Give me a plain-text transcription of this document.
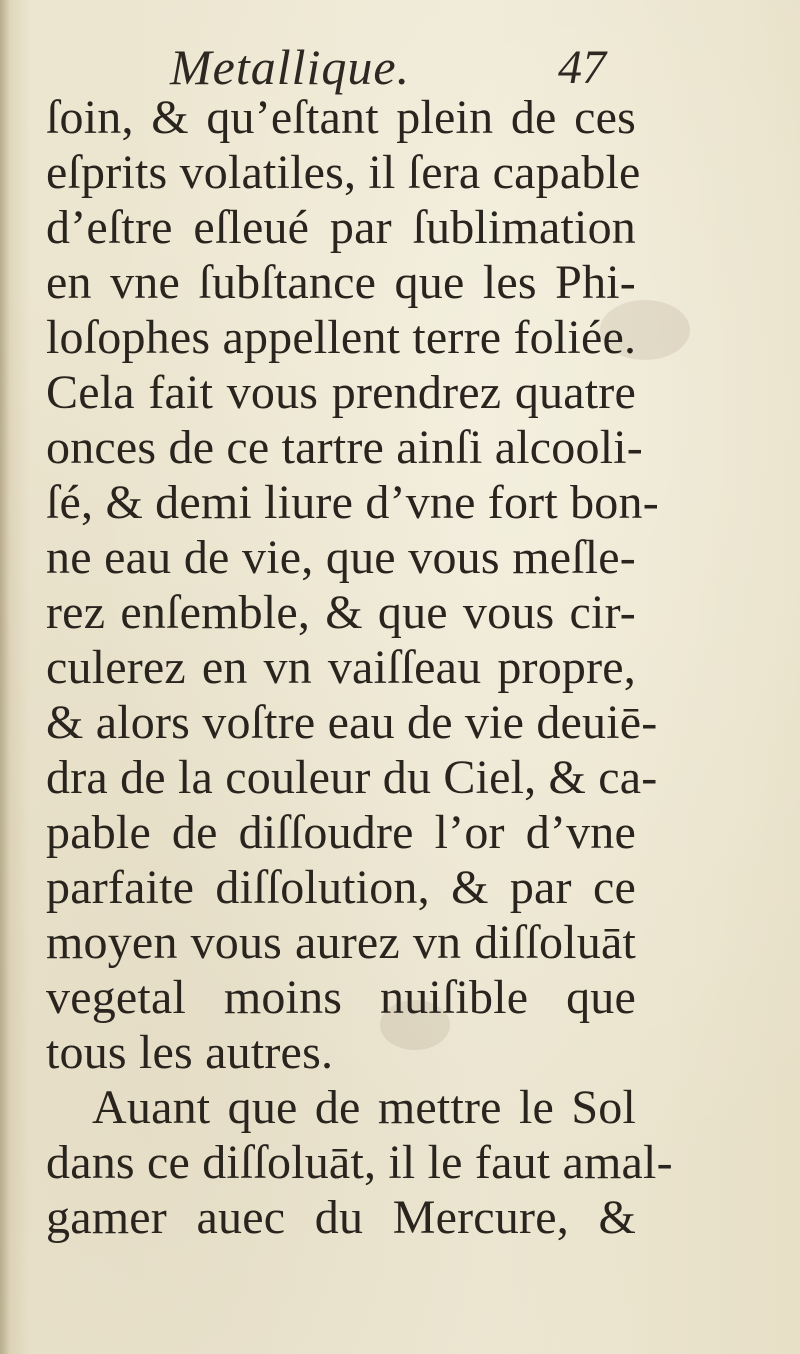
Metallique.	47
ſoin, & qu’eſtant plein de ces
eſprits volatiles, il ſera capable
d’eſtre eſleué par ſublimation
en vne ſubſtance que les Phi-
loſophes appellent terre foliée.
Cela fait vous prendrez quatre
onces de ce tartre ainſi alcooli-
ſé, & demi liure d’vne fort bon-
ne eau de vie, que vous meſle-
rez enſemble, & que vous cir-
culerez en vn vaiſſeau propre,
& alors voſtre eau de vie deuiē-
dra de la couleur du Ciel, & ca-
pable de diſſoudre l’or d’vne
parfaite diſſolution, & par ce
moyen vous aurez vn diſſoluāt
vegetal moins nuiſible que
tous les autres.
Auant que de mettre le Sol
dans ce diſſoluāt, il le faut amal-
gamer auec du Mercure, &
